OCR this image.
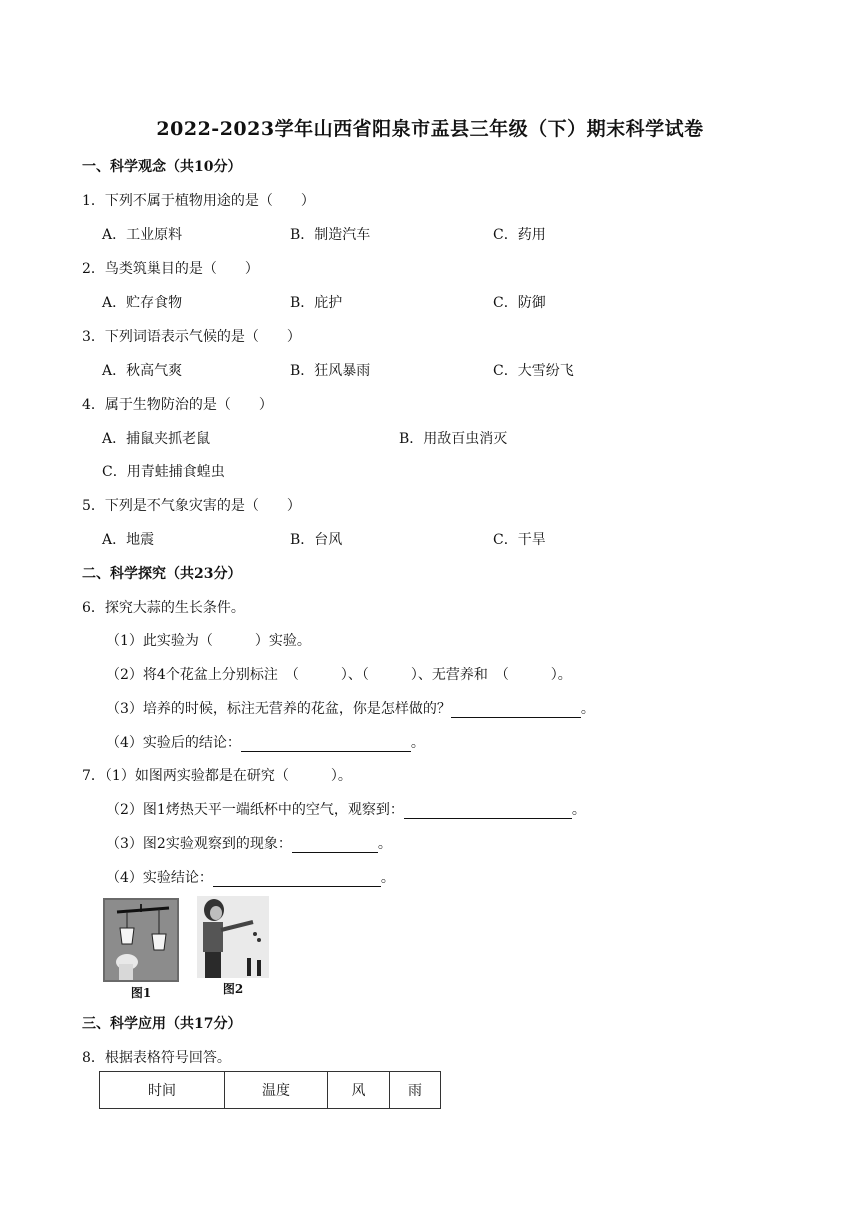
2022-2023学年山西省阳泉市盂县三年级（下）期末科学试卷
一、科学观念（共10分）
1．下列不属于植物用途的是（　　）
A．工业原料	B．制造汽车	C．药用
2．鸟类筑巢目的是（　　）
A．贮存食物	B．庇护	C．防御
3．下列词语表示气候的是（　　）
A．秋高气爽	B．狂风暴雨	C．大雪纷飞
4．属于生物防治的是（　　）
A．捕鼠夹抓老鼠	B．用敌百虫消灭
C．用青蛙捕食蝗虫
5．下列是不气象灾害的是（　　）
A．地震	B．台风	C．干旱
二、科学探究（共23分）
6．探究大蒜的生长条件。
（1）此实验为（　　　）实验。
（2）将4个花盆上分别标注　（　　　）、（　　　）、无营养和　（　　　）。
（3）培养的时候，标注无营养的花盆，你是怎样做的？	。
（4）实验后的结论：	。
7．（1）如图两实验都是在研究（　　　）。
（2）图1烤热天平一端纸杯中的空气，观察到：	。
（3）图2实验观察到的现象：	。
（4）实验结论：	。
图1	图2
三、科学应用（共17分）
8．根据表格符号回答。
时间	温度	风	雨
